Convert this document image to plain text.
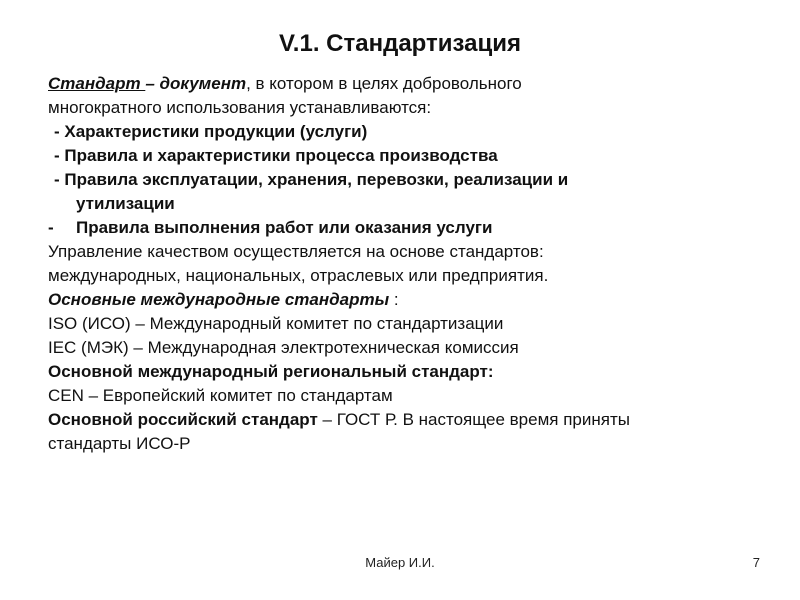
V.1. Стандартизация
Стандарт – документ, в котором в целях добровольного
многократного использования устанавливаются:
- Характеристики продукции (услуги)
- Правила и характеристики процесса производства
- Правила эксплуатации, хранения, перевозки, реализации и
утилизации
-	Правила выполнения работ или оказания услуги
Управление качеством осуществляется на основе стандартов:
международных, национальных, отраслевых или предприятия.
Основные международные стандарты :
ISO (ИСО) – Международный комитет по стандартизации
IEC (МЭК) – Международная электротехническая комиссия
Основной международный региональный стандарт:
CEN – Европейский комитет по стандартам
Основной российский стандарт – ГОСТ Р. В настоящее время приняты
стандарты ИСО-Р
Майер И.И.	7
